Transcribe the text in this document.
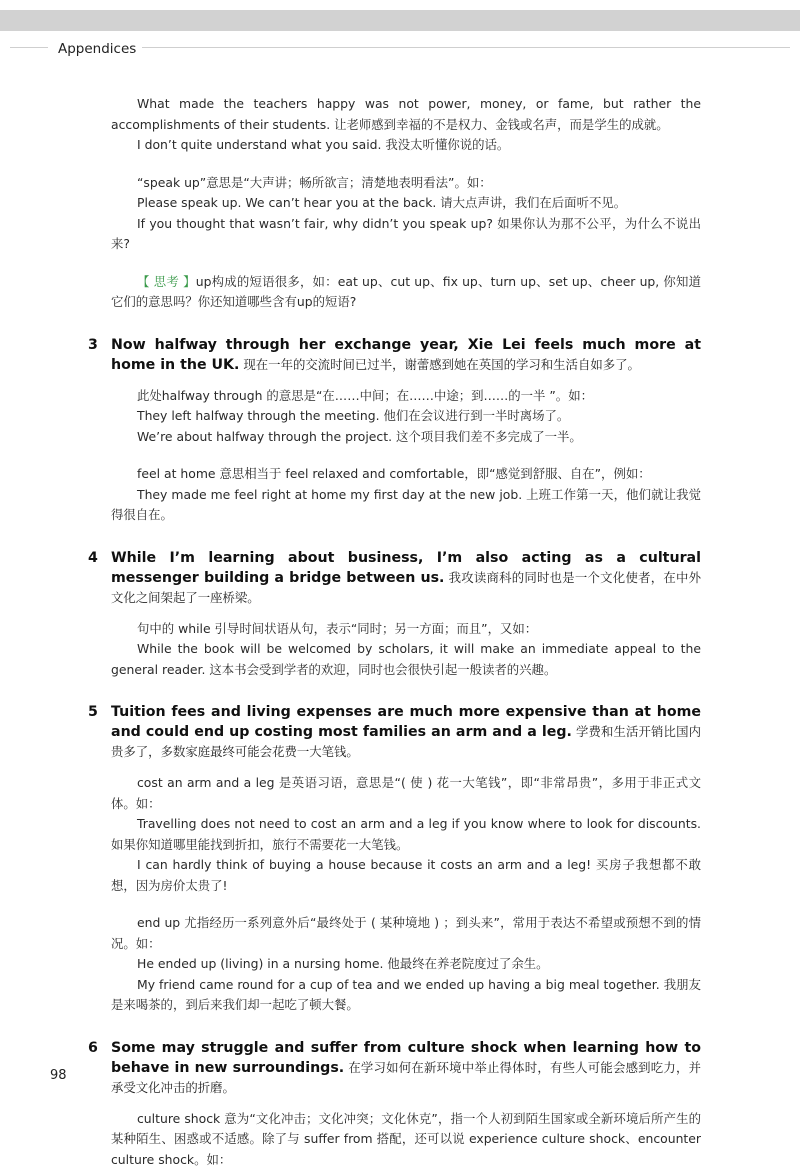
Appendices

What made the teachers happy was not power, money, or fame, but rather the accomplishments of their students. 让老师感到幸福的不是权力、金钱或名声，而是学生的成就。

I don’t quite understand what you said. 我没太听懂你说的话。

“speak up”意思是“大声讲；畅所欲言；清楚地表明看法”。如：

Please speak up. We can’t hear you at the back. 请大点声讲，我们在后面听不见。

If you thought that wasn’t fair, why didn’t you speak up? 如果你认为那不公平，为什么不说出来?

【 思考 】up构成的短语很多，如：eat up、cut up、fix up、turn up、set up、cheer up, 你知道它们的意思吗？你还知道哪些含有up的短语?

3 Now halfway through her exchange year, Xie Lei feels much more at home in the UK. 现在一年的交流时间已过半，谢蕾感到她在英国的学习和生活自如多了。

此处halfway through 的意思是“在……中间；在……中途；到……的一半 ”。如：

They left halfway through the meeting. 他们在会议进行到一半时离场了。

We’re about halfway through the project. 这个项目我们差不多完成了一半。

feel at home 意思相当于 feel relaxed and comfortable，即“感觉到舒服、自在”，例如：

They made me feel right at home my first day at the new job. 上班工作第一天，他们就让我觉得很自在。

4 While I’m learning about business, I’m also acting as a cultural messenger building a bridge between us. 我攻读商科的同时也是一个文化使者，在中外文化之间架起了一座桥梁。

句中的 while 引导时间状语从句，表示“同时；另一方面；而且”，又如：

While the book will be welcomed by scholars, it will make an immediate appeal to the general reader. 这本书会受到学者的欢迎，同时也会很快引起一般读者的兴趣。

5 Tuition fees and living expenses are much more expensive than at home and could end up costing most families an arm and a leg. 学费和生活开销比国内贵多了，多数家庭最终可能会花费一大笔钱。

cost an arm and a leg 是英语习语，意思是“( 使 ) 花一大笔钱”，即“非常昂贵”，多用于非正式文体。如：

Travelling does not need to cost an arm and a leg if you know where to look for discounts. 如果你知道哪里能找到折扣，旅行不需要花一大笔钱。

I can hardly think of buying a house because it costs an arm and a leg! 买房子我想都不敢想，因为房价太贵了!

end up 尤指经历一系列意外后“最终处于 ( 某种境地 ) ；到头来”，常用于表达不希望或预想不到的情况。如：

He ended up (living) in a nursing home. 他最终在养老院度过了余生。

My friend came round for a cup of tea and we ended up having a big meal together. 我朋友是来喝茶的，到后来我们却一起吃了顿大餐。

6 Some may struggle and suffer from culture shock when learning how to behave in new surroundings. 在学习如何在新环境中举止得体时，有些人可能会感到吃力，并承受文化冲击的折磨。

culture shock 意为“文化冲击；文化冲突；文化休克”，指一个人初到陌生国家或全新环境后所产生的某种陌生、困惑或不适感。除了与 suffer from 搭配，还可以说 experience culture shock、encounter culture shock。如：

98
